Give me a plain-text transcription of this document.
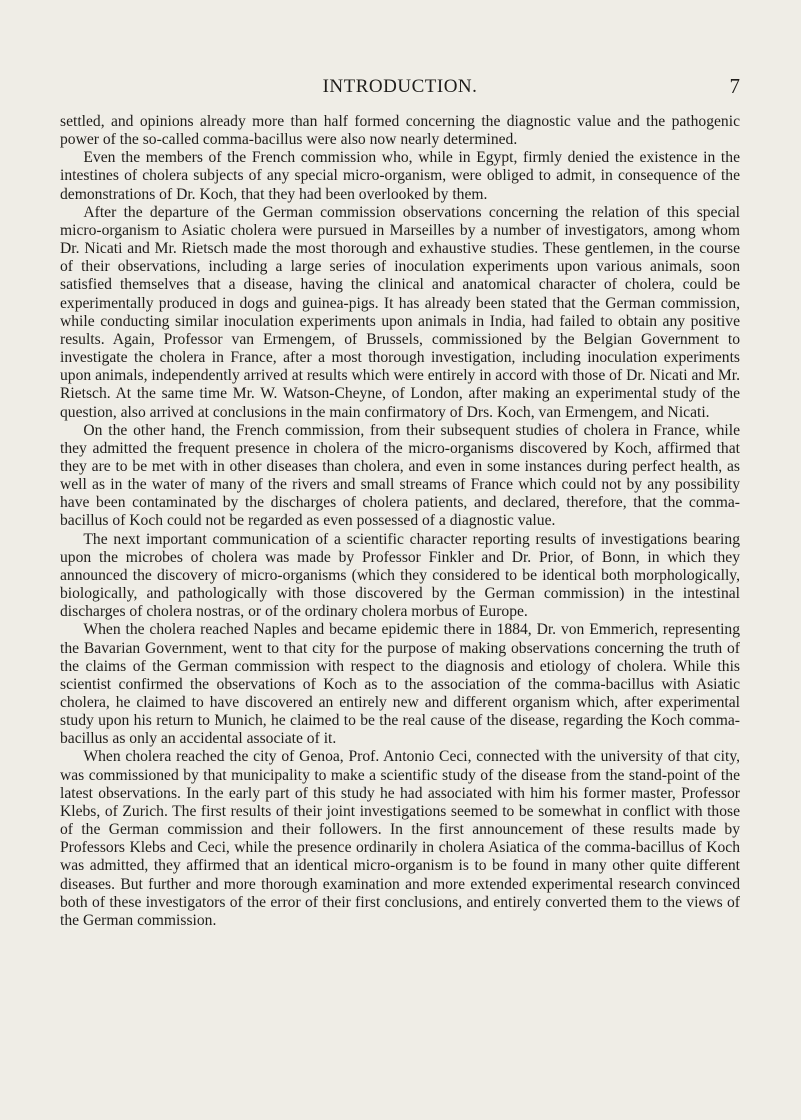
INTRODUCTION.	7

settled, and opinions already more than half formed concerning the diagnostic value and the pathogenic power of the so-called comma-bacillus were also now nearly determined.

Even the members of the French commission who, while in Egypt, firmly denied the existence in the intestines of cholera subjects of any special micro-organism, were obliged to admit, in consequence of the demonstrations of Dr. Koch, that they had been overlooked by them.

After the departure of the German commission observations concerning the relation of this special micro-organism to Asiatic cholera were pursued in Marseilles by a number of investigators, among whom Dr. Nicati and Mr. Rietsch made the most thorough and exhaustive studies. These gentlemen, in the course of their observations, including a large series of inoculation experiments upon various animals, soon satisfied themselves that a disease, having the clinical and anatomical character of cholera, could be experimentally produced in dogs and guinea-pigs. It has already been stated that the German commission, while conducting similar inoculation experiments upon animals in India, had failed to obtain any positive results. Again, Professor van Ermengem, of Brussels, commissioned by the Belgian Government to investigate the cholera in France, after a most thorough investigation, including inoculation experiments upon animals, independently arrived at results which were entirely in accord with those of Dr. Nicati and Mr. Rietsch. At the same time Mr. W. Watson-Cheyne, of London, after making an experimental study of the question, also arrived at conclusions in the main confirmatory of Drs. Koch, van Ermengem, and Nicati.

On the other hand, the French commission, from their subsequent studies of cholera in France, while they admitted the frequent presence in cholera of the micro-organisms discovered by Koch, affirmed that they are to be met with in other diseases than cholera, and even in some instances during perfect health, as well as in the water of many of the rivers and small streams of France which could not by any possibility have been contaminated by the discharges of cholera patients, and declared, therefore, that the comma-bacillus of Koch could not be regarded as even possessed of a diagnostic value.

The next important communication of a scientific character reporting results of investigations bearing upon the microbes of cholera was made by Professor Finkler and Dr. Prior, of Bonn, in which they announced the discovery of micro-organisms (which they considered to be identical both morphologically, biologically, and pathologically with those discovered by the German commission) in the intestinal discharges of cholera nostras, or of the ordinary cholera morbus of Europe.

When the cholera reached Naples and became epidemic there in 1884, Dr. von Emmerich, representing the Bavarian Government, went to that city for the purpose of making observations concerning the truth of the claims of the German commission with respect to the diagnosis and etiology of cholera. While this scientist confirmed the observations of Koch as to the association of the comma-bacillus with Asiatic cholera, he claimed to have discovered an entirely new and different organism which, after experimental study upon his return to Munich, he claimed to be the real cause of the disease, regarding the Koch comma-bacillus as only an accidental associate of it.

When cholera reached the city of Genoa, Prof. Antonio Ceci, connected with the university of that city, was commissioned by that municipality to make a scientific study of the disease from the stand-point of the latest observations. In the early part of this study he had associated with him his former master, Professor Klebs, of Zurich. The first results of their joint investigations seemed to be somewhat in conflict with those of the German commission and their followers. In the first announcement of these results made by Professors Klebs and Ceci, while the presence ordinarily in cholera Asiatica of the comma-bacillus of Koch was admitted, they affirmed that an identical micro-organism is to be found in many other quite different diseases. But further and more thorough examination and more extended experimental research convinced both of these investigators of the error of their first conclusions, and entirely converted them to the views of the German commission.
